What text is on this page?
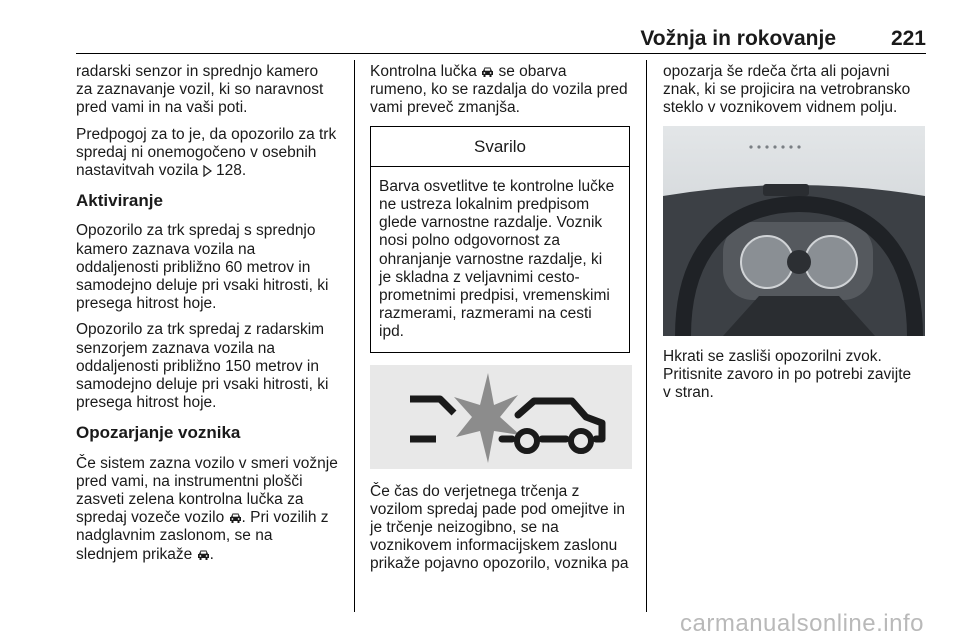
Vožnja in rokovanje	221

radarski senzor in sprednjo kamero
za zaznavanje vozil, ki so naravnost
pred vami in na vaši poti.

Predpogoj za to je, da opozorilo za trk
spredaj ni onemogočeno v osebnih
nastavitvah vozila  128.

Aktiviranje

Opozorilo za trk spredaj s sprednjo
kamero zaznava vozila na
oddaljenosti približno 60 metrov in
samodejno deluje pri vsaki hitrosti, ki
presega hitrost hoje.

Opozorilo za trk spredaj z radarskim
senzorjem zaznava vozila na
oddaljenosti približno 150 metrov in
samodejno deluje pri vsaki hitrosti, ki
presega hitrost hoje.

Opozarjanje voznika

Če sistem zazna vozilo v smeri vožnje
pred vami, na instrumentni plošči
zasveti zelena kontrolna lučka za
spredaj vozeče vozilo . Pri vozilih z
nadglavnim zaslonom, se na
slednjem prikaže .

Kontrolna lučka  se obarva
rumeno, ko se razdalja do vozila pred
vami preveč zmanjša.

Svarilo
Barva osvetlitve te kontrolne lučke
ne ustreza lokalnim predpisom
glede varnostne razdalje. Voznik
nosi polno odgovornost za
ohranjanje varnostne razdalje, ki
je skladna z veljavnimi cesto-
prometnimi predpisi, vremenskimi
razmerami, razmerami na cesti
ipd.

Če čas do verjetnega trčenja z
vozilom spredaj pade pod omejitve in
je trčenje neizogibno, se na
voznikovem informacijskem zaslonu
prikaže pojavno opozorilo, voznika pa

opozarja še rdeča črta ali pojavni
znak, ki se projicira na vetrobransko
steklo v voznikovem vidnem polju.

Hkrati se zasliši opozorilni zvok.
Pritisnite zavoro in po potrebi zavijte
v stran.

carmanualsonline.info
